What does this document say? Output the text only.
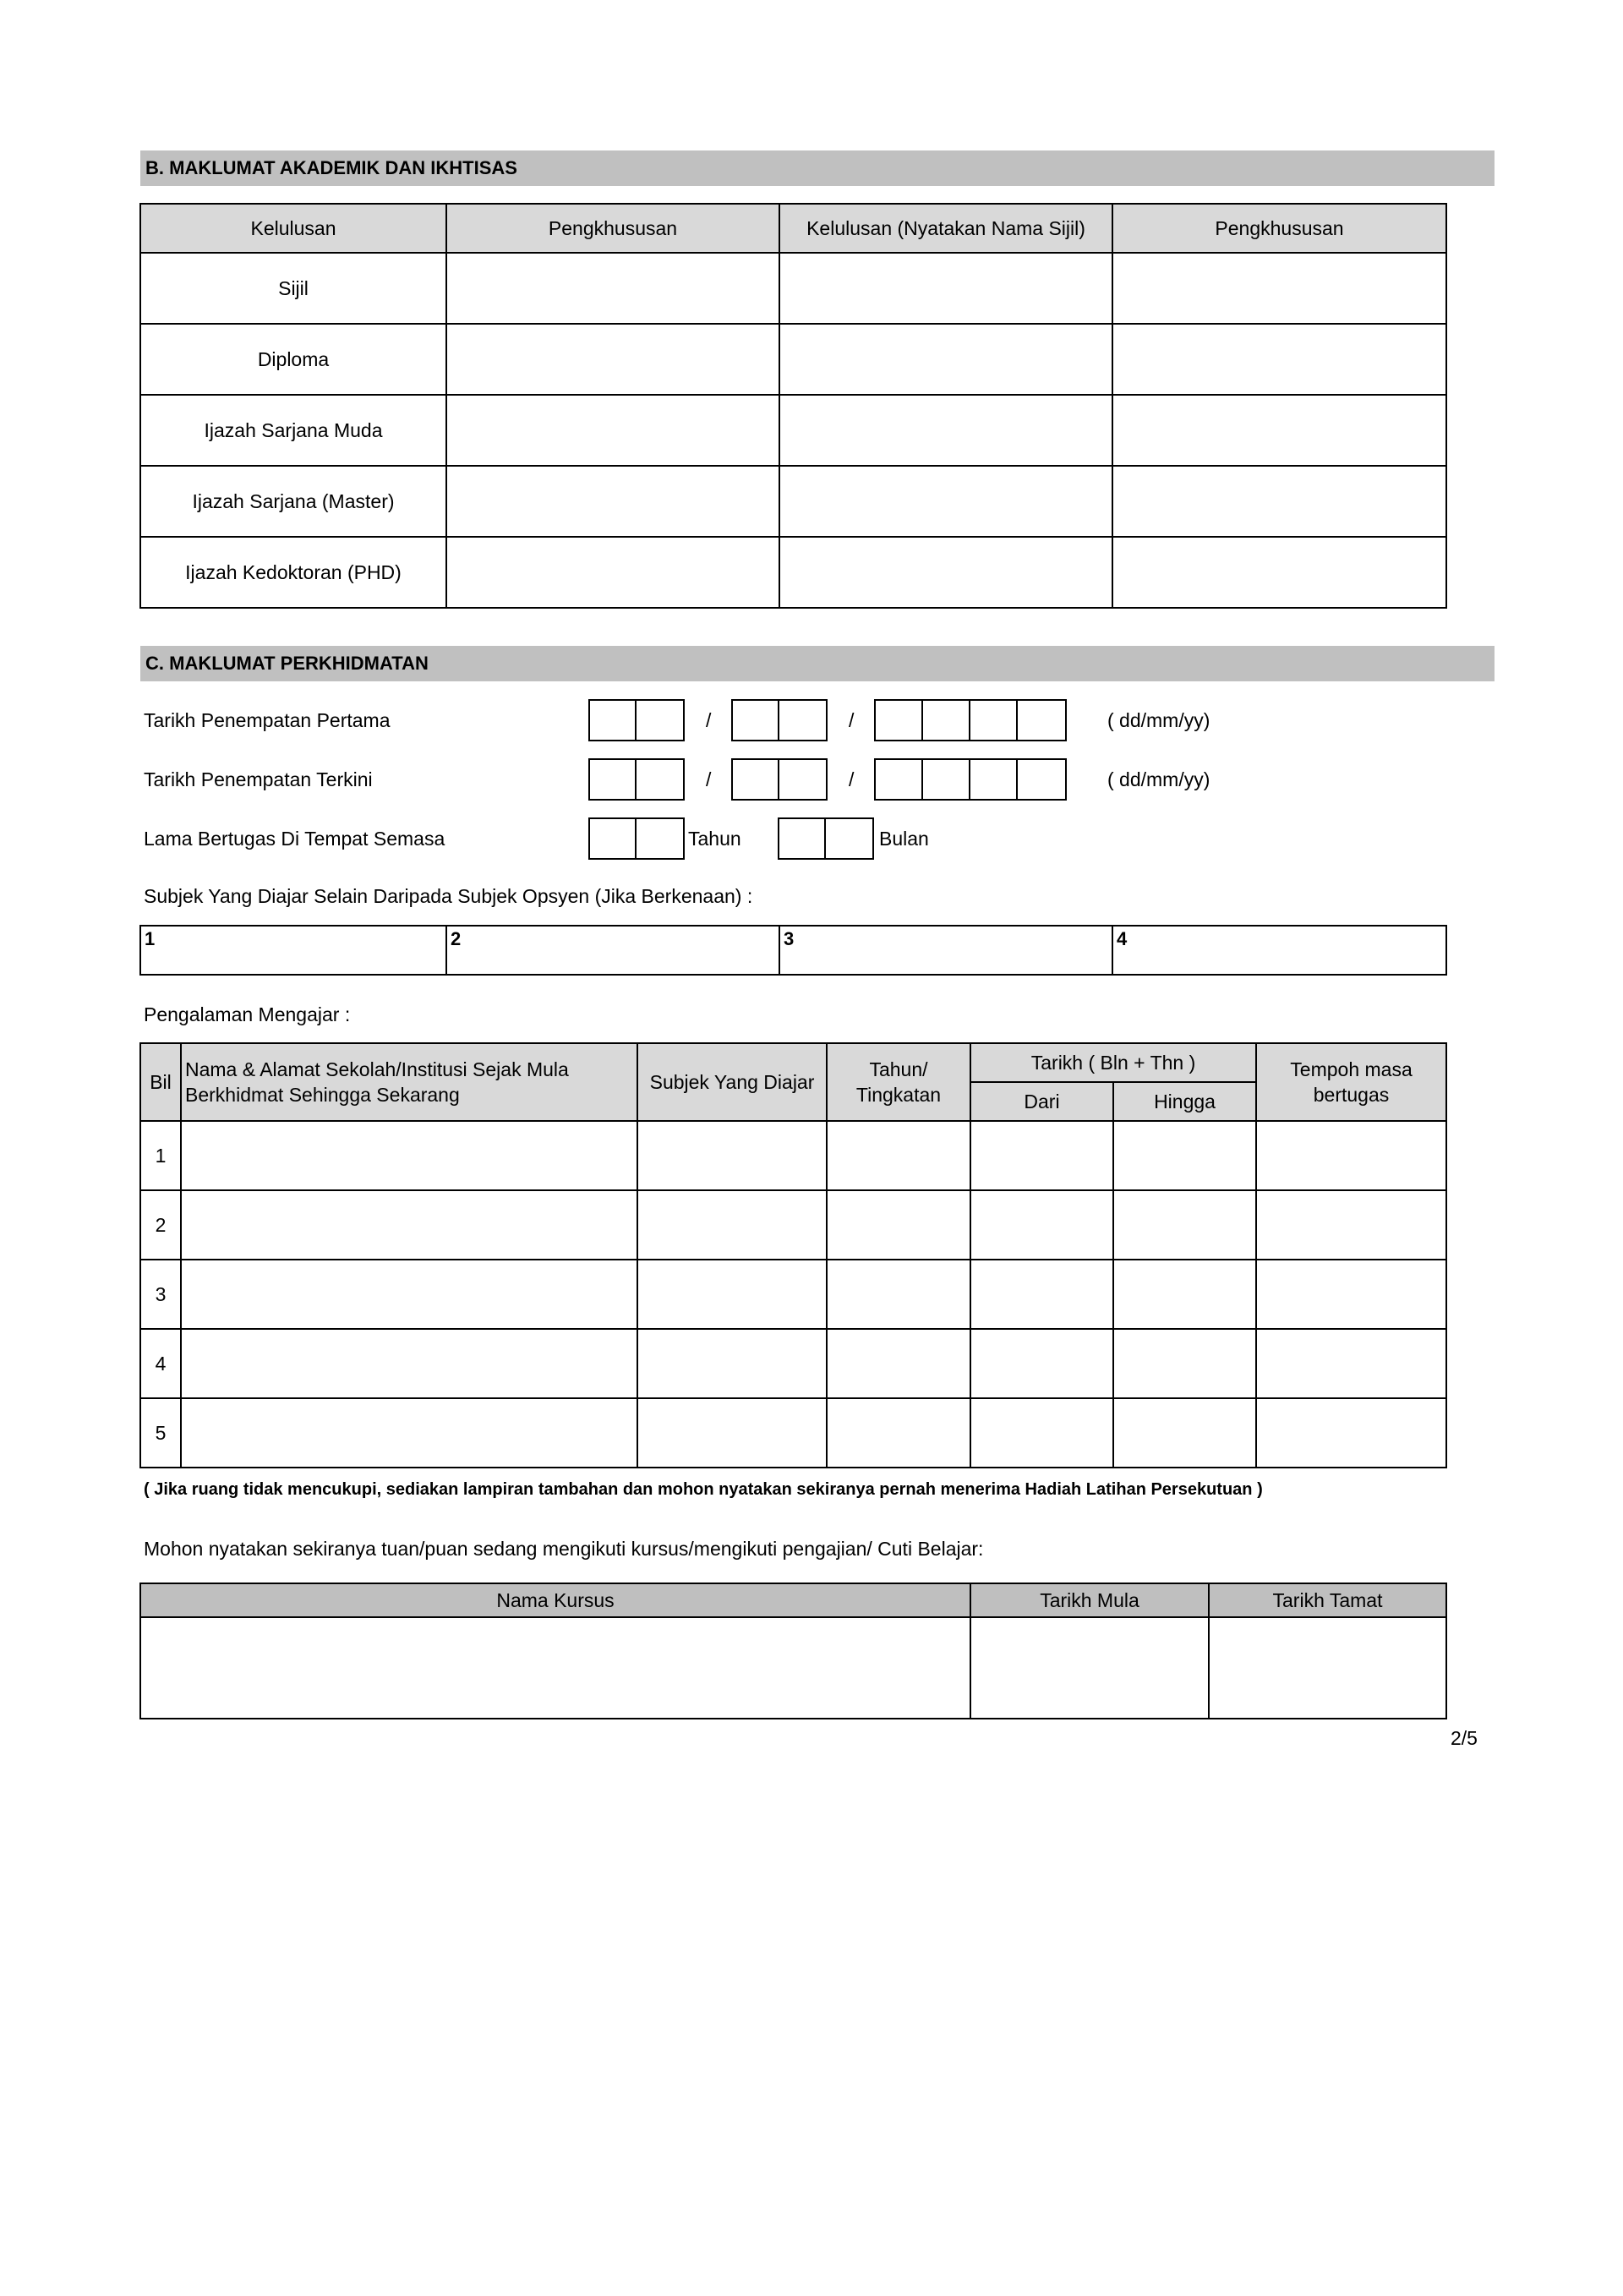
B. MAKLUMAT AKADEMIK DAN IKHTISAS
Kelulusan	Pengkhususan	Kelulusan (Nyatakan Nama Sijil)	Pengkhususan
Sijil			
Diploma			
Ijazah Sarjana Muda			
Ijazah Sarjana (Master)			
Ijazah Kedoktoran (PHD)			
C. MAKLUMAT PERKHIDMATAN
Tarikh Penempatan Pertama	/	/	( dd/mm/yy)
Tarikh Penempatan Terkini	/	/	( dd/mm/yy)
Lama Bertugas Di Tempat Semasa	Tahun	Bulan
Subjek Yang Diajar Selain Daripada Subjek Opsyen (Jika Berkenaan) :
1	2	3	4
Pengalaman Mengajar :
Bil	Nama & Alamat Sekolah/Institusi Sejak Mula Berkhidmat Sehingga Sekarang	Subjek Yang Diajar	Tahun/ Tingkatan	Tarikh ( Bln + Thn )		Tempoh masa bertugas
				Dari	Hingga	
1						
2						
3						
4						
5						
( Jika ruang tidak mencukupi, sediakan lampiran tambahan dan mohon nyatakan sekiranya pernah menerima Hadiah Latihan Persekutuan )
Mohon nyatakan sekiranya tuan/puan sedang mengikuti kursus/mengikuti pengajian/ Cuti Belajar:
Nama Kursus	Tarikh Mula	Tarikh Tamat

2/5
